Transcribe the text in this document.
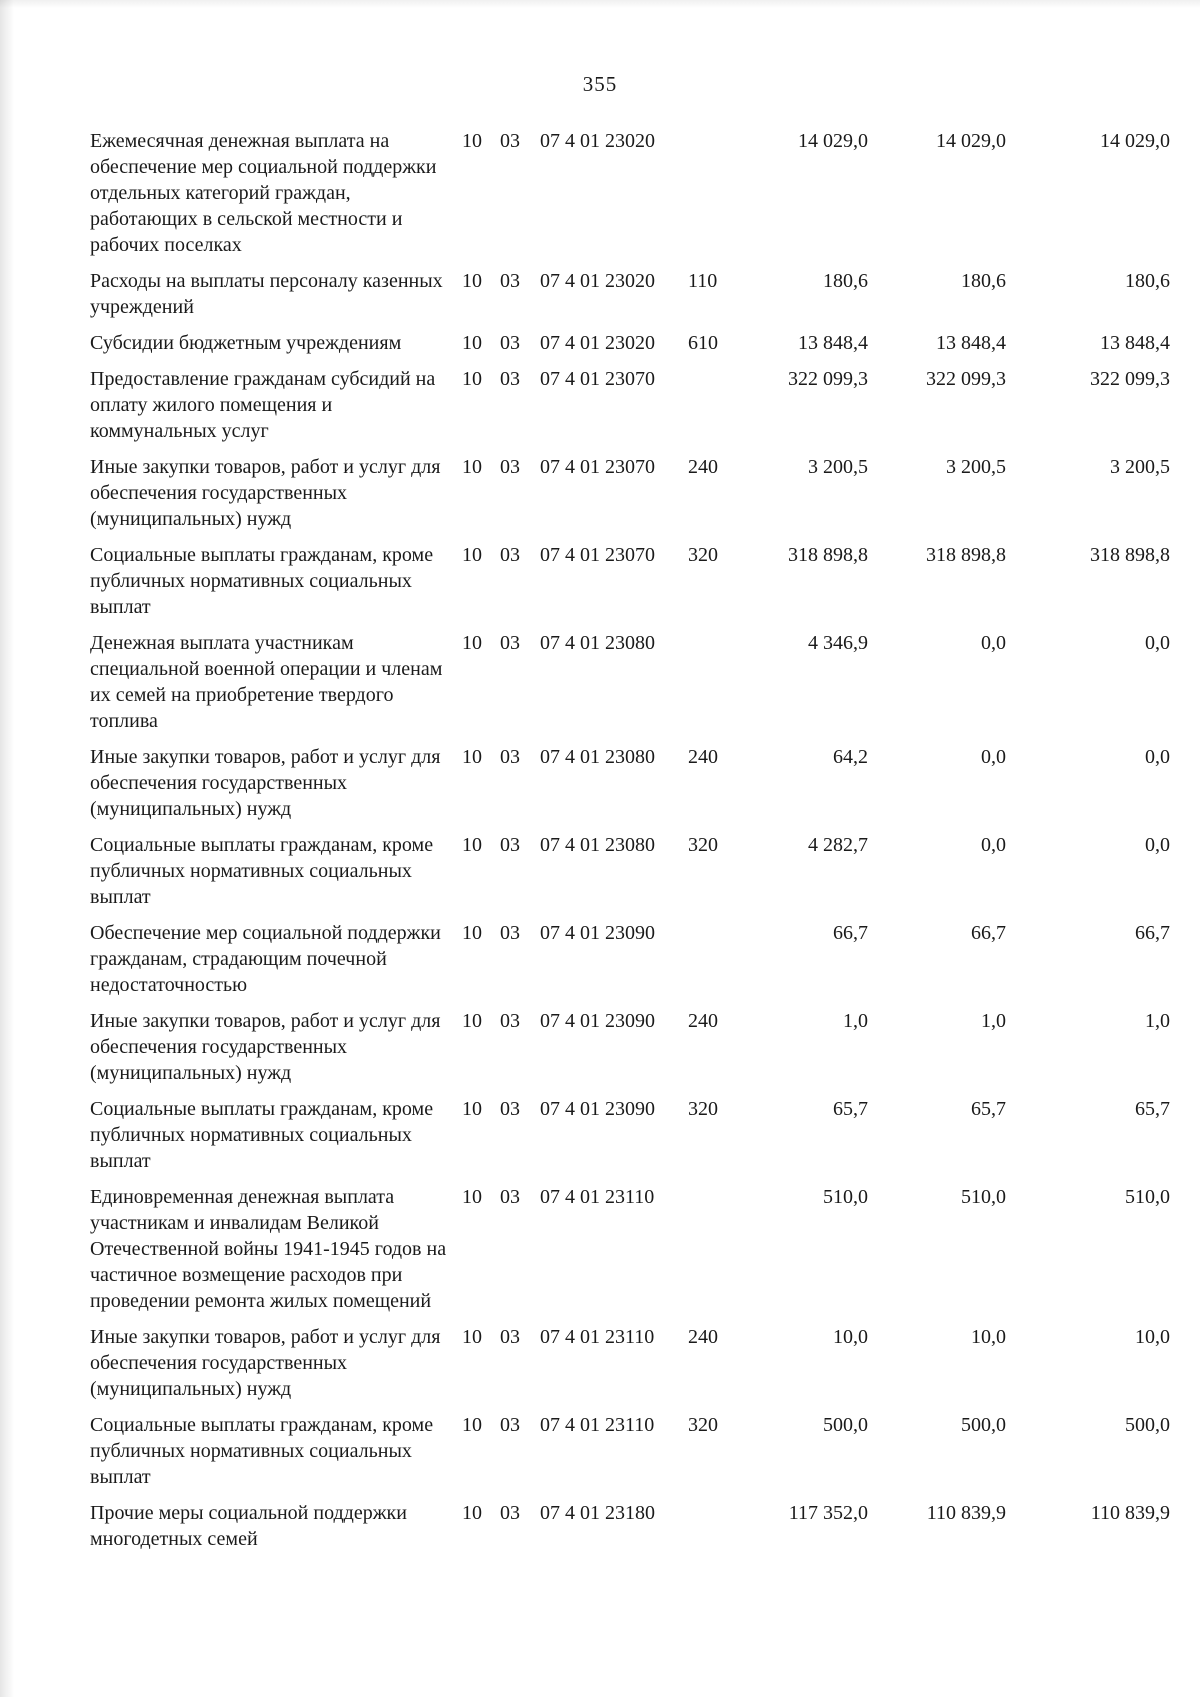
355
Ежемесячная денежная выплата на обеспечение мер социальной поддержки отдельных категорий граждан, работающих в сельской местности и рабочих поселках	10	03	07 4 01 23020		14 029,0	14 029,0	14 029,0
Расходы на выплаты персоналу казенных учреждений	10	03	07 4 01 23020	110	180,6	180,6	180,6
Субсидии бюджетным учреждениям	10	03	07 4 01 23020	610	13 848,4	13 848,4	13 848,4
Предоставление гражданам субсидий на оплату жилого помещения и коммунальных услуг	10	03	07 4 01 23070		322 099,3	322 099,3	322 099,3
Иные закупки товаров, работ и услуг для обеспечения государственных (муниципальных) нужд	10	03	07 4 01 23070	240	3 200,5	3 200,5	3 200,5
Социальные выплаты гражданам, кроме публичных нормативных социальных выплат	10	03	07 4 01 23070	320	318 898,8	318 898,8	318 898,8
Денежная выплата участникам специальной военной операции и членам их семей на приобретение твердого топлива	10	03	07 4 01 23080		4 346,9	0,0	0,0
Иные закупки товаров, работ и услуг для обеспечения государственных (муниципальных) нужд	10	03	07 4 01 23080	240	64,2	0,0	0,0
Социальные выплаты гражданам, кроме публичных нормативных социальных выплат	10	03	07 4 01 23080	320	4 282,7	0,0	0,0
Обеспечение мер социальной поддержки гражданам, страдающим почечной недостаточностью	10	03	07 4 01 23090		66,7	66,7	66,7
Иные закупки товаров, работ и услуг для обеспечения государственных (муниципальных) нужд	10	03	07 4 01 23090	240	1,0	1,0	1,0
Социальные выплаты гражданам, кроме публичных нормативных социальных выплат	10	03	07 4 01 23090	320	65,7	65,7	65,7
Единовременная денежная выплата участникам и инвалидам Великой Отечественной войны 1941-1945 годов на частичное возмещение расходов при проведении ремонта жилых помещений	10	03	07 4 01 23110		510,0	510,0	510,0
Иные закупки товаров, работ и услуг для обеспечения государственных (муниципальных) нужд	10	03	07 4 01 23110	240	10,0	10,0	10,0
Социальные выплаты гражданам, кроме публичных нормативных социальных выплат	10	03	07 4 01 23110	320	500,0	500,0	500,0
Прочие меры социальной поддержки многодетных семей	10	03	07 4 01 23180		117 352,0	110 839,9	110 839,9
